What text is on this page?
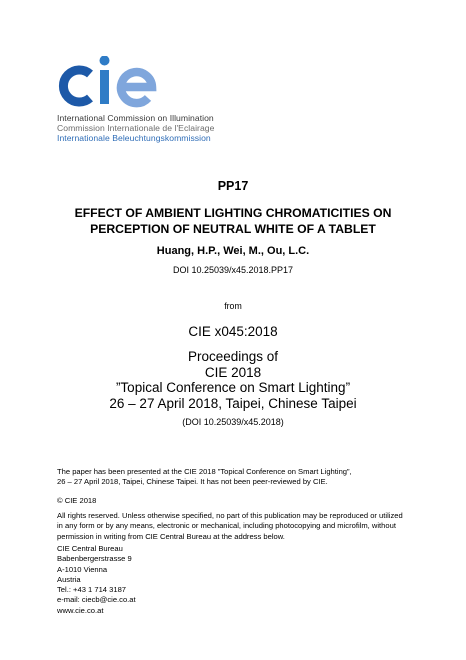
International Commission on Illumination
Commission Internationale de l'Eclairage
Internationale Beleuchtungskommission
PP17
EFFECT OF AMBIENT LIGHTING CHROMATICITIES ON
PERCEPTION OF NEUTRAL WHITE OF A TABLET
Huang, H.P., Wei, M., Ou, L.C.
DOI 10.25039/x45.2018.PP17
from
CIE x045:2018
Proceedings of
CIE 2018
”Topical Conference on Smart Lighting”
26 – 27 April 2018, Taipei, Chinese Taipei
(DOI 10.25039/x45.2018)
The paper has been presented at the CIE 2018 ”Topical Conference on Smart Lighting”,
26 – 27 April 2018, Taipei, Chinese Taipei. It has not been peer-reviewed by CIE.
© CIE 2018
All rights reserved. Unless otherwise specified, no part of this publication may be reproduced or utilized
in any form or by any means, electronic or mechanical, including photocopying and microfilm, without
permission in writing from CIE Central Bureau at the address below.
CIE Central Bureau
Babenbergerstrasse 9
A-1010 Vienna
Austria
Tel.: +43 1 714 3187
e-mail: ciecb@cie.co.at
www.cie.co.at
